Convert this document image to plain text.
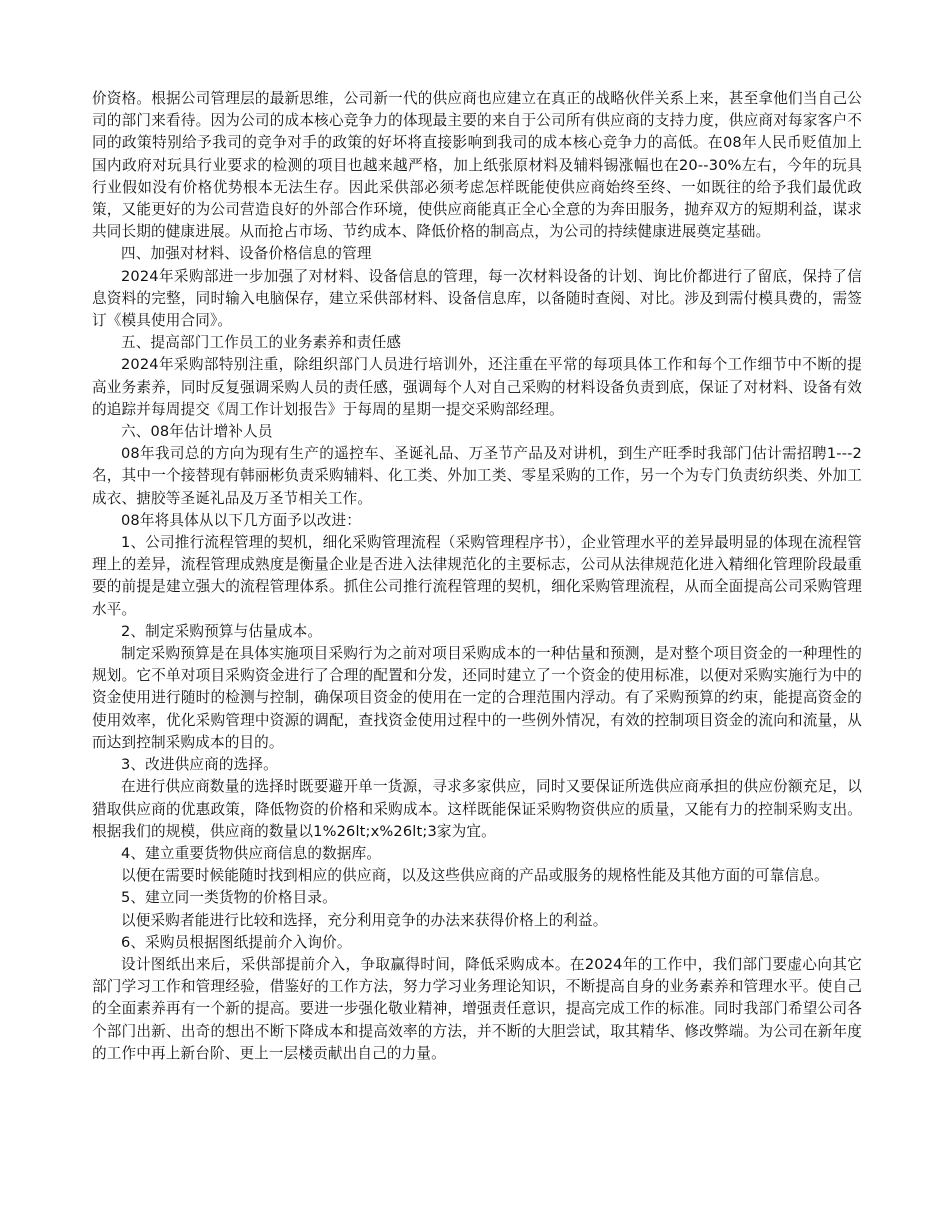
价资格。根据公司管理层的最新思维，公司新一代的供应商也应建立在真正的战略伙伴关系上来，甚至拿他们当自己公司的部门来看待。因为公司的成本核心竞争力的体现最主要的来自于公司所有供应商的支持力度，供应商对每家客户不同的政策特别给予我司的竞争对手的政策的好坏将直接影响到我司的成本核心竞争力的高低。在08年人民币贬值加上国内政府对玩具行业要求的检测的项目也越来越严格，加上纸张原材料及辅料锡涨幅也在20--30%左右，今年的玩具行业假如没有价格优势根本无法生存。因此采供部必须考虑怎样既能使供应商始终至终、一如既往的给予我们最优政策，又能更好的为公司营造良好的外部合作环境，使供应商能真正全心全意的为奔田服务，抛弃双方的短期利益，谋求共同长期的健康进展。从而抢占市场、节约成本、降低价格的制高点，为公司的持续健康进展奠定基础。

四、加强对材料、设备价格信息的管理

2024年采购部进一步加强了对材料、设备信息的管理，每一次材料设备的计划、询比价都进行了留底，保持了信息资料的完整，同时输入电脑保存，建立采供部材料、设备信息库，以备随时查阅、对比。涉及到需付模具费的，需签订《模具使用合同》。

五、提高部门工作员工的业务素养和责任感

2024年采购部特别注重，除组织部门人员进行培训外，还注重在平常的每项具体工作和每个工作细节中不断的提高业务素养，同时反复强调采购人员的责任感，强调每个人对自己采购的材料设备负责到底，保证了对材料、设备有效的追踪并每周提交《周工作计划报告》于每周的星期一提交采购部经理。

六、08年估计增补人员

08年我司总的方向为现有生产的遥控车、圣诞礼品、万圣节产品及对讲机，到生产旺季时我部门估计需招聘1---2名，其中一个接替现有韩丽彬负责采购辅料、化工类、外加工类、零星采购的工作，另一个为专门负责纺织类、外加工成衣、搪胶等圣诞礼品及万圣节相关工作。

08年将具体从以下几方面予以改进：

1、公司推行流程管理的契机，细化采购管理流程（采购管理程序书），企业管理水平的差异最明显的体现在流程管理上的差异，流程管理成熟度是衡量企业是否进入法律规范化的主要标志，公司从法律规范化进入精细化管理阶段最重要的前提是建立强大的流程管理体系。抓住公司推行流程管理的契机，细化采购管理流程，从而全面提高公司采购管理水平。

2、制定采购预算与估量成本。

制定采购预算是在具体实施项目采购行为之前对项目采购成本的一种估量和预测，是对整个项目资金的一种理性的规划。它不单对项目采购资金进行了合理的配置和分发，还同时建立了一个资金的使用标准，以便对采购实施行为中的资金使用进行随时的检测与控制，确保项目资金的使用在一定的合理范围内浮动。有了采购预算的约束，能提高资金的使用效率，优化采购管理中资源的调配，查找资金使用过程中的一些例外情况，有效的控制项目资金的流向和流量，从而达到控制采购成本的目的。

3、改进供应商的选择。

在进行供应商数量的选择时既要避开单一货源，寻求多家供应，同时又要保证所选供应商承担的供应份额充足，以猎取供应商的优惠政策，降低物资的价格和采购成本。这样既能保证采购物资供应的质量，又能有力的控制采购支出。根据我们的规模，供应商的数量以1%26lt;x%26lt;3家为宜。

4、建立重要货物供应商信息的数据库。

以便在需要时候能随时找到相应的供应商，以及这些供应商的产品或服务的规格性能及其他方面的可靠信息。

5、建立同一类货物的价格目录。

以便采购者能进行比较和选择，充分利用竞争的办法来获得价格上的利益。

6、采购员根据图纸提前介入询价。

设计图纸出来后，采供部提前介入，争取赢得时间，降低采购成本。在2024年的工作中，我们部门要虚心向其它部门学习工作和管理经验，借鉴好的工作方法，努力学习业务理论知识，不断提高自身的业务素养和管理水平。使自己的全面素养再有一个新的提高。要进一步强化敬业精神，增强责任意识，提高完成工作的标准。同时我部门希望公司各个部门出新、出奇的想出不断下降成本和提高效率的方法，并不断的大胆尝试，取其精华、修改弊端。为公司在新年度的工作中再上新台阶、更上一层楼贡献出自己的力量。
